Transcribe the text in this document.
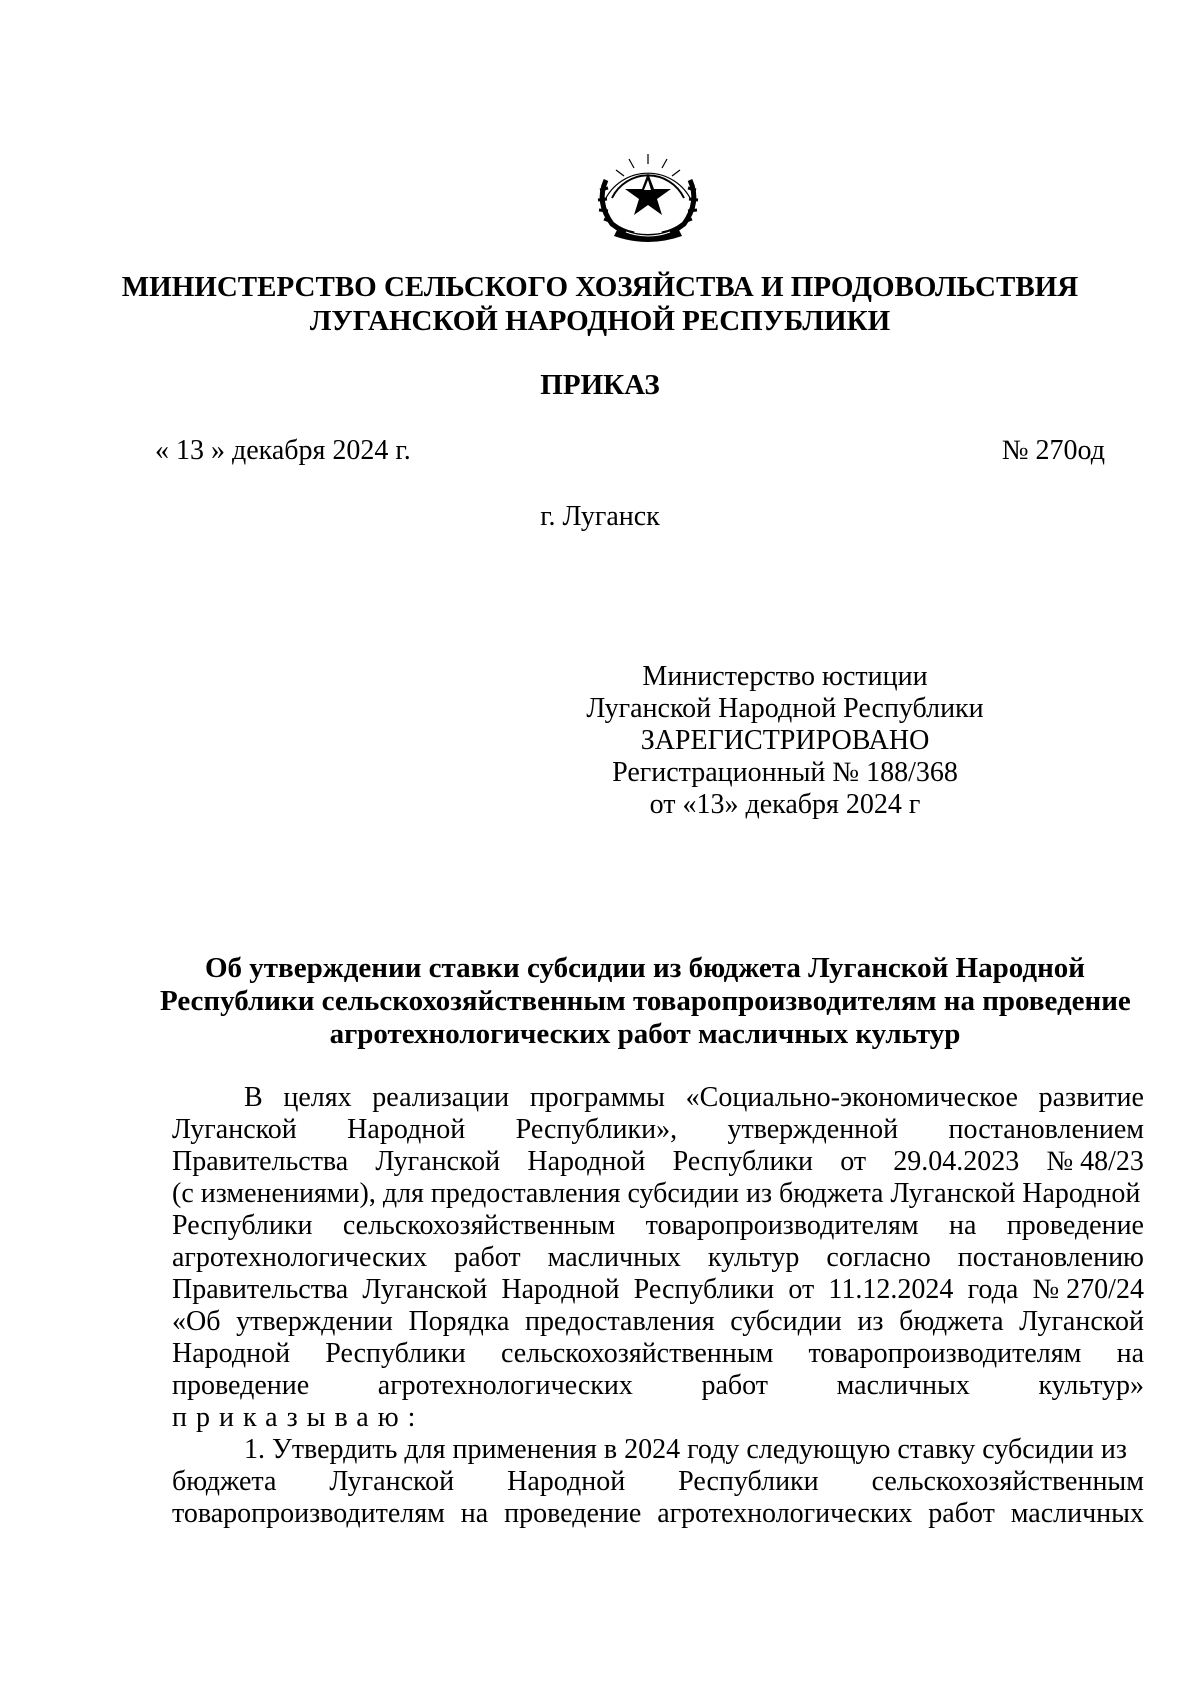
МИНИСТЕРСТВО СЕЛЬСКОГО ХОЗЯЙСТВА И ПРОДОВОЛЬСТВИЯ
ЛУГАНСКОЙ НАРОДНОЙ РЕСПУБЛИКИ
ПРИКАЗ
« 13 » декабря 2024 г.	№ 270од
г. Луганск
Министерство юстиции
Луганской Народной Республики
ЗАРЕГИСТРИРОВАНО
Регистрационный № 188/368
от «13» декабря 2024 г
Об утверждении ставки субсидии из бюджета Луганской Народной
Республики сельскохозяйственным товаропроизводителям на проведение
агротехнологических работ масличных культур
В целях реализации программы «Социально-экономическое развитие
Луганской Народной Республики», утвержденной постановлением
Правительства Луганской Народной Республики от 29.04.2023 № 48/23
(с изменениями), для предоставления субсидии из бюджета Луганской Народной
Республики сельскохозяйственным товаропроизводителям на проведение
агротехнологических работ масличных культур согласно постановлению
Правительства Луганской Народной Республики от 11.12.2024 года № 270/24
«Об утверждении Порядка предоставления субсидии из бюджета Луганской
Народной Республики сельскохозяйственным товаропроизводителям на
проведение агротехнологических работ масличных культур»
приказываю:
1. Утвердить для применения в 2024 году следующую ставку субсидии из
бюджета Луганской Народной Республики сельскохозяйственным
товаропроизводителям на проведение агротехнологических работ масличных
